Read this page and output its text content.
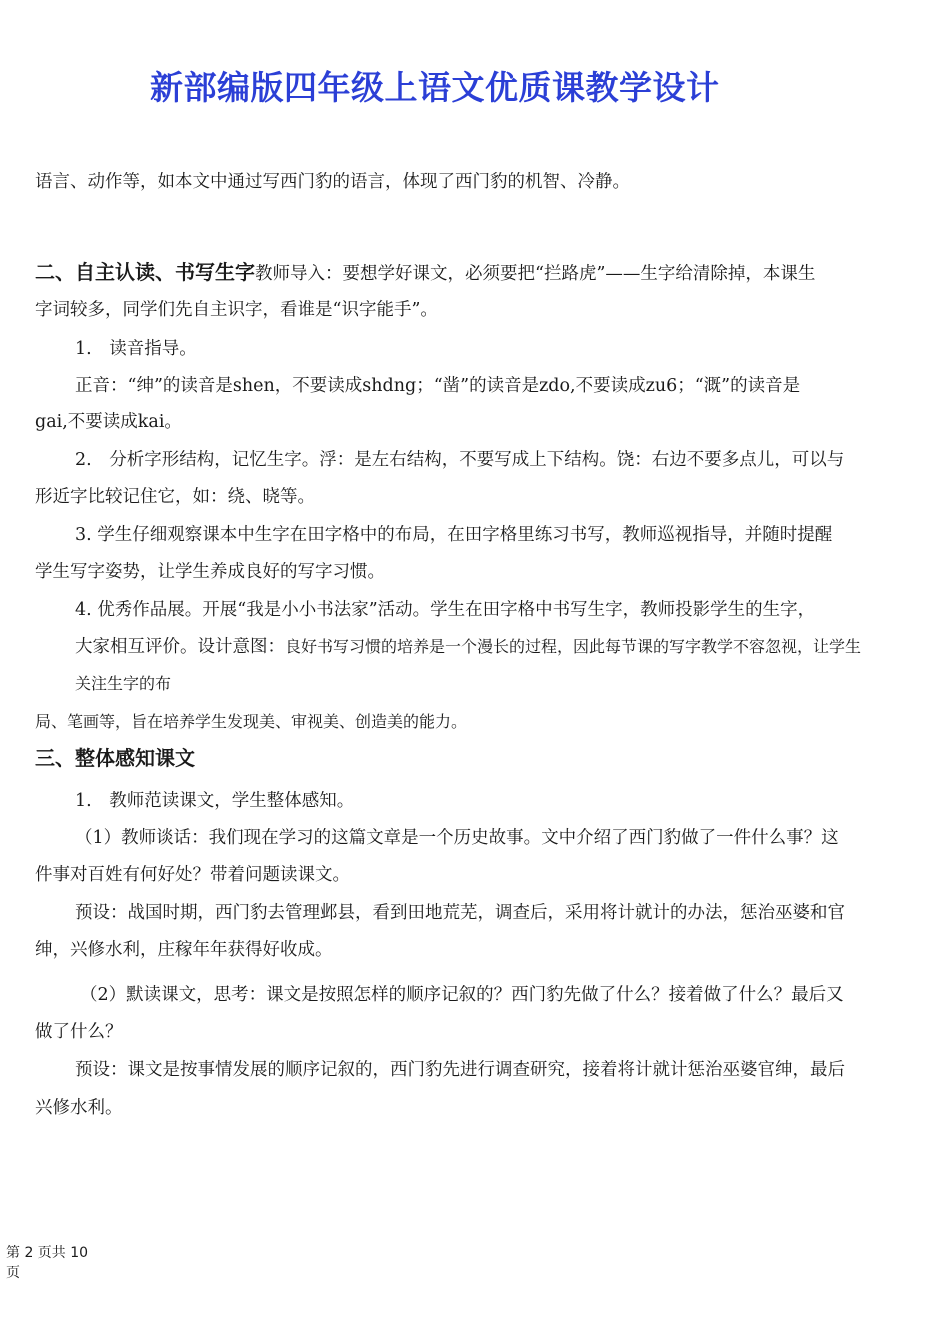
新部编版四年级上语文优质课教学设计
语言、动作等，如本文中通过写西门豹的语言，体现了西门豹的机智、冷静。
二、自主认读、书写生字教师导入：要想学好课文，必须要把“拦路虎”——生字给清除掉，本课生
字词较多，同学们先自主识字，看谁是“识字能手”。
1.　读音指导。
正音：“绅”的读音是shen，不要读成shdng；“凿”的读音是zdo,不要读成zu6；“溉”的读音是
gai,不要读成kai。
2.　分析字形结构，记忆生字。浮：是左右结构，不要写成上下结构。饶：右边不要多点儿，可以与
形近字比较记住它，如：绕、晓等。
3. 学生仔细观察课本中生字在田字格中的布局，在田字格里练习书写，教师巡视指导，并随时提醒
学生写字姿势，让学生养成良好的写字习惯。
4. 优秀作品展。开展“我是小小书法家”活动。学生在田字格中书写生字，教师投影学生的生字，
大家相互评价。设计意图：良好书写习惯的培养是一个漫长的过程，因此每节课的写字教学不容忽视，让学生
关注生字的布
局、笔画等，旨在培养学生发现美、审视美、创造美的能力。
三、整体感知课文
1.　教师范读课文，学生整体感知。
（1）教师谈话：我们现在学习的这篇文章是一个历史故事。文中介绍了西门豹做了一件什么事？这
件事对百姓有何好处？带着问题读课文。
预设：战国时期，西门豹去管理邺县，看到田地荒芜，调查后，采用将计就计的办法，惩治巫婆和官
绅，兴修水利，庄稼年年获得好收成。
（2）默读课文，思考：课文是按照怎样的顺序记叙的？西门豹先做了什么？接着做了什么？最后又
做了什么？
预设：课文是按事情发展的顺序记叙的，西门豹先进行调查研究，接着将计就计惩治巫婆官绅，最后
兴修水利。
第 2 页共 10 页
